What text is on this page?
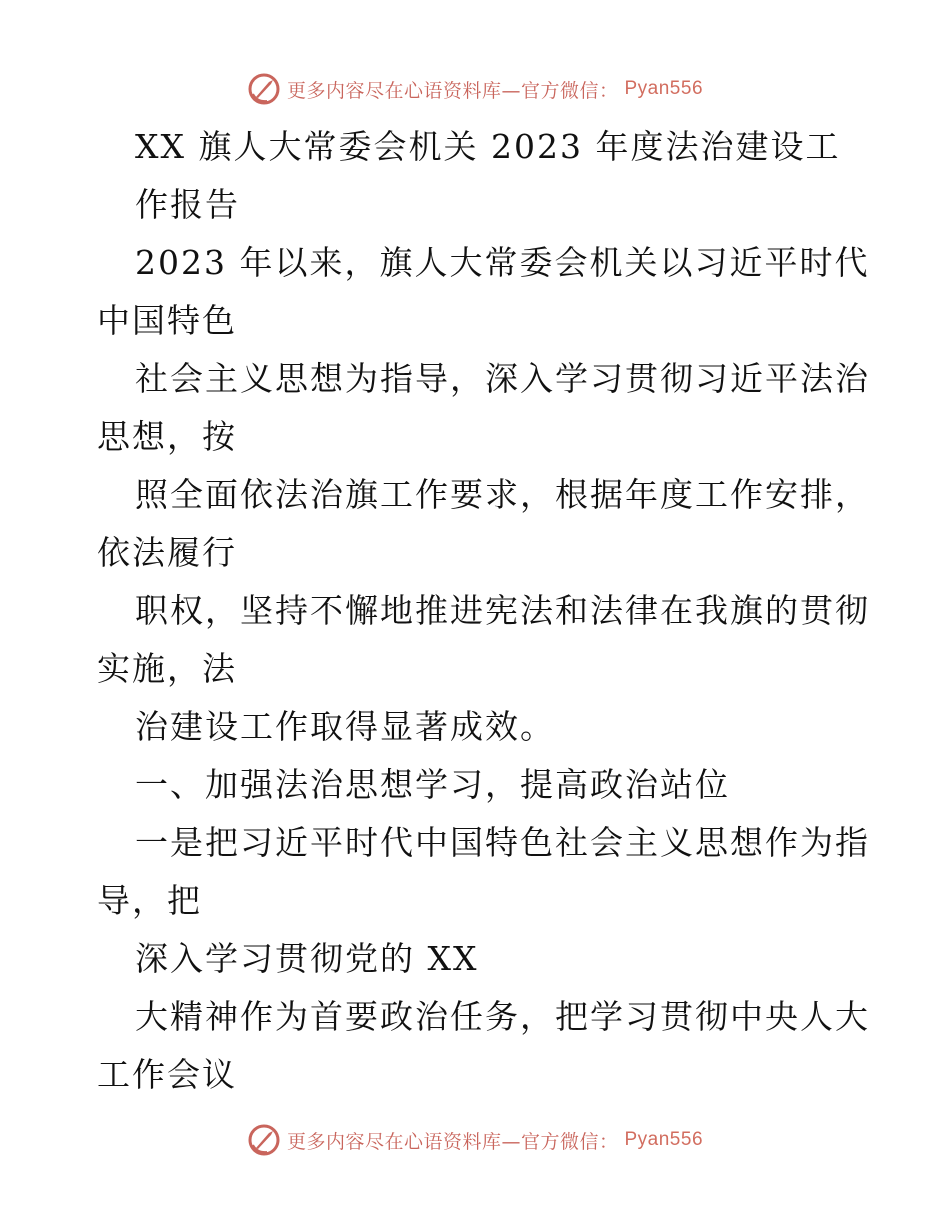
更多内容尽在心语资料库—官方微信： Pyan556
XX 旗人大常委会机关 2023 年度法治建设工
作报告
2023 年以来，旗人大常委会机关以习近平时代
中国特色
社会主义思想为指导，深入学习贯彻习近平法治
思想，按
照全面依法治旗工作要求，根据年度工作安排，
依法履行
职权，坚持不懈地推进宪法和法律在我旗的贯彻
实施，法
治建设工作取得显著成效。
一、加强法治思想学习，提高政治站位
一是把习近平时代中国特色社会主义思想作为指
导，把
深入学习贯彻党的 XX
大精神作为首要政治任务，把学习贯彻中央人大
工作会议
更多内容尽在心语资料库—官方微信： Pyan556
